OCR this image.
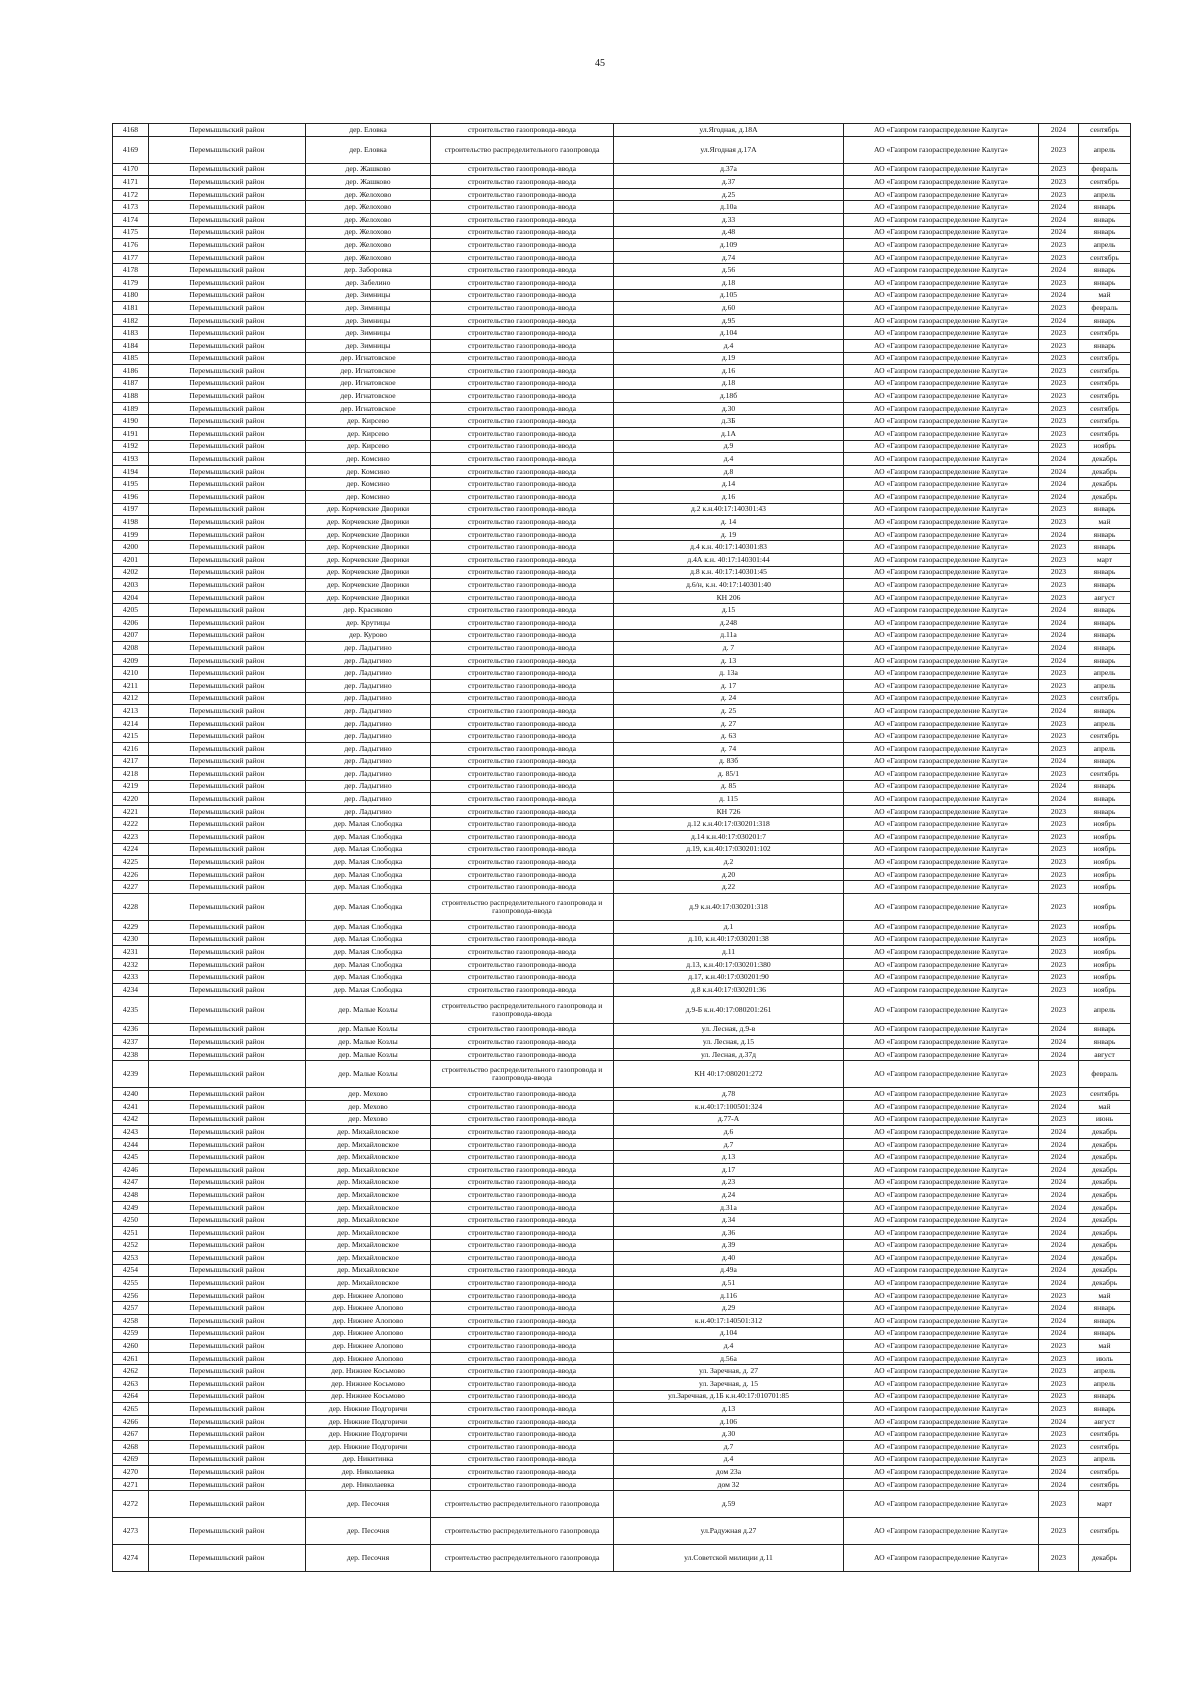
45
4168	Перемышльский район	дер. Еловка	строительство газопровода-ввода	ул.Ягодная, д.18А	АО «Газпром газораспределение Калуга»	2024	сентябрь
4169	Перемышльский район	дер. Еловка	строительство распределительного газопровода	ул.Ягодная д.17А	АО «Газпром газораспределение Калуга»	2023	апрель
4170	Перемышльский район	дер. Жашково	строительство газопровода-ввода	д.37а	АО «Газпром газораспределение Калуга»	2023	февраль
4171	Перемышльский район	дер. Жашково	строительство газопровода-ввода	д.37	АО «Газпром газораспределение Калуга»	2023	сентябрь
4172	Перемышльский район	дер. Желохово	строительство газопровода-ввода	д.25	АО «Газпром газораспределение Калуга»	2023	апрель
4173	Перемышльский район	дер. Желохово	строительство газопровода-ввода	д.10а	АО «Газпром газораспределение Калуга»	2024	январь
4174	Перемышльский район	дер. Желохово	строительство газопровода-ввода	д.33	АО «Газпром газораспределение Калуга»	2024	январь
4175	Перемышльский район	дер. Желохово	строительство газопровода-ввода	д.48	АО «Газпром газораспределение Калуга»	2024	январь
4176	Перемышльский район	дер. Желохово	строительство газопровода-ввода	д.109	АО «Газпром газораспределение Калуга»	2023	апрель
4177	Перемышльский район	дер. Желохово	строительство газопровода-ввода	д.74	АО «Газпром газораспределение Калуга»	2023	сентябрь
4178	Перемышльский район	дер. Заборовка	строительство газопровода-ввода	д.56	АО «Газпром газораспределение Калуга»	2024	январь
4179	Перемышльский район	дер. Забелино	строительство газопровода-ввода	д.18	АО «Газпром газораспределение Калуга»	2023	январь
4180	Перемышльский район	дер. Зимницы	строительство газопровода-ввода	д.105	АО «Газпром газораспределение Калуга»	2024	май
4181	Перемышльский район	дер. Зимницы	строительство газопровода-ввода	д.60	АО «Газпром газораспределение Калуга»	2023	февраль
4182	Перемышльский район	дер. Зимницы	строительство газопровода-ввода	д.95	АО «Газпром газораспределение Калуга»	2024	январь
4183	Перемышльский район	дер. Зимницы	строительство газопровода-ввода	д.104	АО «Газпром газораспределение Калуга»	2023	сентябрь
4184	Перемышльский район	дер. Зимницы	строительство газопровода-ввода	д.4	АО «Газпром газораспределение Калуга»	2023	январь
4185	Перемышльский район	дер. Игнатовское	строительство газопровода-ввода	д.19	АО «Газпром газораспределение Калуга»	2023	сентябрь
4186	Перемышльский район	дер. Игнатовское	строительство газопровода-ввода	д.16	АО «Газпром газораспределение Калуга»	2023	сентябрь
4187	Перемышльский район	дер. Игнатовское	строительство газопровода-ввода	д.18	АО «Газпром газораспределение Калуга»	2023	сентябрь
4188	Перемышльский район	дер. Игнатовское	строительство газопровода-ввода	д.18б	АО «Газпром газораспределение Калуга»	2023	сентябрь
4189	Перемышльский район	дер. Игнатовское	строительство газопровода-ввода	д.30	АО «Газпром газораспределение Калуга»	2023	сентябрь
4190	Перемышльский район	дер. Кирсево	строительство газопровода-ввода	д.3Б	АО «Газпром газораспределение Калуга»	2023	сентябрь
4191	Перемышльский район	дер. Кирсево	строительство газопровода-ввода	д.1А	АО «Газпром газораспределение Калуга»	2023	сентябрь
4192	Перемышльский район	дер. Кирсево	строительство газопровода-ввода	д.9	АО «Газпром газораспределение Калуга»	2023	ноябрь
4193	Перемышльский район	дер. Комсино	строительство газопровода-ввода	д.4	АО «Газпром газораспределение Калуга»	2024	декабрь
4194	Перемышльский район	дер. Комсино	строительство газопровода-ввода	д.8	АО «Газпром газораспределение Калуга»	2024	декабрь
4195	Перемышльский район	дер. Комсино	строительство газопровода-ввода	д.14	АО «Газпром газораспределение Калуга»	2024	декабрь
4196	Перемышльский район	дер. Комсино	строительство газопровода-ввода	д.16	АО «Газпром газораспределение Калуга»	2024	декабрь
4197	Перемышльский район	дер. Корчевские Дворики	строительство газопровода-ввода	д.2 к.н.40:17:140301:43	АО «Газпром газораспределение Калуга»	2023	январь
4198	Перемышльский район	дер. Корчевские Дворики	строительство газопровода-ввода	д. 14	АО «Газпром газораспределение Калуга»	2023	май
4199	Перемышльский район	дер. Корчевские Дворики	строительство газопровода-ввода	д. 19	АО «Газпром газораспределение Калуга»	2024	январь
4200	Перемышльский район	дер. Корчевские Дворики	строительство газопровода-ввода	д.4 к.н. 40:17:140301:83	АО «Газпром газораспределение Калуга»	2023	январь
4201	Перемышльский район	дер. Корчевские Дворики	строительство газопровода-ввода	д.4А к.н. 40:17:140301:44	АО «Газпром газораспределение Калуга»	2023	март
4202	Перемышльский район	дер. Корчевские Дворики	строительство газопровода-ввода	д.8 к.н. 40:17:140301:45	АО «Газпром газораспределение Калуга»	2023	январь
4203	Перемышльский район	дер. Корчевские Дворики	строительство газопровода-ввода	д.6/н, к.н. 40:17:140301:40	АО «Газпром газораспределение Калуга»	2023	январь
4204	Перемышльский район	дер. Корчевские Дворики	строительство газопровода-ввода	КН 206	АО «Газпром газораспределение Калуга»	2023	август
4205	Перемышльский район	дер. Красиково	строительство газопровода-ввода	д.15	АО «Газпром газораспределение Калуга»	2024	январь
4206	Перемышльский район	дер. Крутицы	строительство газопровода-ввода	д.248	АО «Газпром газораспределение Калуга»	2024	январь
4207	Перемышльский район	дер. Курово	строительство газопровода-ввода	д.11а	АО «Газпром газораспределение Калуга»	2024	январь
4208	Перемышльский район	дер. Ладыгино	строительство газопровода-ввода	д. 7	АО «Газпром газораспределение Калуга»	2024	январь
4209	Перемышльский район	дер. Ладыгино	строительство газопровода-ввода	д. 13	АО «Газпром газораспределение Калуга»	2024	январь
4210	Перемышльский район	дер. Ладыгино	строительство газопровода-ввода	д. 13а	АО «Газпром газораспределение Калуга»	2023	апрель
4211	Перемышльский район	дер. Ладыгино	строительство газопровода-ввода	д. 17	АО «Газпром газораспределение Калуга»	2023	апрель
4212	Перемышльский район	дер. Ладыгино	строительство газопровода-ввода	д. 24	АО «Газпром газораспределение Калуга»	2023	сентябрь
4213	Перемышльский район	дер. Ладыгино	строительство газопровода-ввода	д. 25	АО «Газпром газораспределение Калуга»	2024	январь
4214	Перемышльский район	дер. Ладыгино	строительство газопровода-ввода	д. 27	АО «Газпром газораспределение Калуга»	2023	апрель
4215	Перемышльский район	дер. Ладыгино	строительство газопровода-ввода	д. 63	АО «Газпром газораспределение Калуга»	2023	сентябрь
4216	Перемышльский район	дер. Ладыгино	строительство газопровода-ввода	д. 74	АО «Газпром газораспределение Калуга»	2023	апрель
4217	Перемышльский район	дер. Ладыгино	строительство газопровода-ввода	д. 83б	АО «Газпром газораспределение Калуга»	2024	январь
4218	Перемышльский район	дер. Ладыгино	строительство газопровода-ввода	д. 85/1	АО «Газпром газораспределение Калуга»	2023	сентябрь
4219	Перемышльский район	дер. Ладыгино	строительство газопровода-ввода	д. 85	АО «Газпром газораспределение Калуга»	2024	январь
4220	Перемышльский район	дер. Ладыгино	строительство газопровода-ввода	д. 115	АО «Газпром газораспределение Калуга»	2024	январь
4221	Перемышльский район	дер. Ладыгино	строительство газопровода-ввода	КН 726	АО «Газпром газораспределение Калуга»	2023	январь
4222	Перемышльский район	дер. Малая Слободка	строительство газопровода-ввода	д.12 к.н.40:17:030201:318	АО «Газпром газораспределение Калуга»	2023	ноябрь
4223	Перемышльский район	дер. Малая Слободка	строительство газопровода-ввода	д.14 к.н.40:17:030201:7	АО «Газпром газораспределение Калуга»	2023	ноябрь
4224	Перемышльский район	дер. Малая Слободка	строительство газопровода-ввода	д.19, к.н.40:17:030201:102	АО «Газпром газораспределение Калуга»	2023	ноябрь
4225	Перемышльский район	дер. Малая Слободка	строительство газопровода-ввода	д.2	АО «Газпром газораспределение Калуга»	2023	ноябрь
4226	Перемышльский район	дер. Малая Слободка	строительство газопровода-ввода	д.20	АО «Газпром газораспределение Калуга»	2023	ноябрь
4227	Перемышльский район	дер. Малая Слободка	строительство газопровода-ввода	д.22	АО «Газпром газораспределение Калуга»	2023	ноябрь
4228	Перемышльский район	дер. Малая Слободка	строительство распределительного газопровода и газопровода-ввода	д.9 к.н.40:17:030201:318	АО «Газпром газораспределение Калуга»	2023	ноябрь
4229	Перемышльский район	дер. Малая Слободка	строительство газопровода-ввода	д.1	АО «Газпром газораспределение Калуга»	2023	ноябрь
4230	Перемышльский район	дер. Малая Слободка	строительство газопровода-ввода	д.10, к.н.40:17:030201:38	АО «Газпром газораспределение Калуга»	2023	ноябрь
4231	Перемышльский район	дер. Малая Слободка	строительство газопровода-ввода	д.11	АО «Газпром газораспределение Калуга»	2023	ноябрь
4232	Перемышльский район	дер. Малая Слободка	строительство газопровода-ввода	д.13, к.н.40:17:030201:380	АО «Газпром газораспределение Калуга»	2023	ноябрь
4233	Перемышльский район	дер. Малая Слободка	строительство газопровода-ввода	д.17, к.н.40:17:030201:90	АО «Газпром газораспределение Калуга»	2023	ноябрь
4234	Перемышльский район	дер. Малая Слободка	строительство газопровода-ввода	д.8 к.н.40:17:030201:36	АО «Газпром газораспределение Калуга»	2023	ноябрь
4235	Перемышльский район	дер. Малые Козлы	строительство распределительного газопровода и газопровода-ввода	д.9-Б к.н.40:17:080201:261	АО «Газпром газораспределение Калуга»	2023	апрель
4236	Перемышльский район	дер. Малые Козлы	строительство газопровода-ввода	ул. Лесная, д.9-в	АО «Газпром газораспределение Калуга»	2024	январь
4237	Перемышльский район	дер. Малые Козлы	строительство газопровода-ввода	ул. Лесная, д.15	АО «Газпром газораспределение Калуга»	2024	январь
4238	Перемышльский район	дер. Малые Козлы	строительство газопровода-ввода	ул. Лесная, д.37д	АО «Газпром газораспределение Калуга»	2024	август
4239	Перемышльский район	дер. Малые Козлы	строительство распределительного газопровода и газопровода-ввода	КН 40:17:080201:272	АО «Газпром газораспределение Калуга»	2023	февраль
4240	Перемышльский район	дер. Мехово	строительство газопровода-ввода	д.78	АО «Газпром газораспределение Калуга»	2023	сентябрь
4241	Перемышльский район	дер. Мехово	строительство газопровода-ввода	к.н.40:17:100501:324	АО «Газпром газораспределение Калуга»	2024	май
4242	Перемышльский район	дер. Мехово	строительство газопровода-ввода	д.77-А	АО «Газпром газораспределение Калуга»	2023	июнь
4243	Перемышльский район	дер. Михайловское	строительство газопровода-ввода	д.6	АО «Газпром газораспределение Калуга»	2024	декабрь
4244	Перемышльский район	дер. Михайловское	строительство газопровода-ввода	д.7	АО «Газпром газораспределение Калуга»	2024	декабрь
4245	Перемышльский район	дер. Михайловское	строительство газопровода-ввода	д.13	АО «Газпром газораспределение Калуга»	2024	декабрь
4246	Перемышльский район	дер. Михайловское	строительство газопровода-ввода	д.17	АО «Газпром газораспределение Калуга»	2024	декабрь
4247	Перемышльский район	дер. Михайловское	строительство газопровода-ввода	д.23	АО «Газпром газораспределение Калуга»	2024	декабрь
4248	Перемышльский район	дер. Михайловское	строительство газопровода-ввода	д.24	АО «Газпром газораспределение Калуга»	2024	декабрь
4249	Перемышльский район	дер. Михайловское	строительство газопровода-ввода	д.31а	АО «Газпром газораспределение Калуга»	2024	декабрь
4250	Перемышльский район	дер. Михайловское	строительство газопровода-ввода	д.34	АО «Газпром газораспределение Калуга»	2024	декабрь
4251	Перемышльский район	дер. Михайловское	строительство газопровода-ввода	д.36	АО «Газпром газораспределение Калуга»	2024	декабрь
4252	Перемышльский район	дер. Михайловское	строительство газопровода-ввода	д.39	АО «Газпром газораспределение Калуга»	2024	декабрь
4253	Перемышльский район	дер. Михайловское	строительство газопровода-ввода	д.40	АО «Газпром газораспределение Калуга»	2024	декабрь
4254	Перемышльский район	дер. Михайловское	строительство газопровода-ввода	д.49а	АО «Газпром газораспределение Калуга»	2024	декабрь
4255	Перемышльский район	дер. Михайловское	строительство газопровода-ввода	д.51	АО «Газпром газораспределение Калуга»	2024	декабрь
4256	Перемышльский район	дер. Нижнее Алопово	строительство газопровода-ввода	д.116	АО «Газпром газораспределение Калуга»	2023	май
4257	Перемышльский район	дер. Нижнее Алопово	строительство газопровода-ввода	д.29	АО «Газпром газораспределение Калуга»	2024	январь
4258	Перемышльский район	дер. Нижнее Алопово	строительство газопровода-ввода	к.н.40:17:140501:312	АО «Газпром газораспределение Калуга»	2024	январь
4259	Перемышльский район	дер. Нижнее Алопово	строительство газопровода-ввода	д.104	АО «Газпром газораспределение Калуга»	2024	январь
4260	Перемышльский район	дер. Нижнее Алопово	строительство газопровода-ввода	д.4	АО «Газпром газораспределение Калуга»	2023	май
4261	Перемышльский район	дер. Нижнее Алопово	строительство газопровода-ввода	д.56а	АО «Газпром газораспределение Калуга»	2023	июль
4262	Перемышльский район	дер. Нижнее Косьмово	строительство газопровода-ввода	ул. Заречная, д. 27	АО «Газпром газораспределение Калуга»	2023	апрель
4263	Перемышльский район	дер. Нижнее Косьмово	строительство газопровода-ввода	ул. Заречная, д. 15	АО «Газпром газораспределение Калуга»	2023	апрель
4264	Перемышльский район	дер. Нижнее Косьмово	строительство газопровода-ввода	ул.Заречная, д.1Б к.н.40:17:010701:85	АО «Газпром газораспределение Калуга»	2023	январь
4265	Перемышльский район	дер. Нижние Подгоричи	строительство газопровода-ввода	д.13	АО «Газпром газораспределение Калуга»	2023	январь
4266	Перемышльский район	дер. Нижние Подгоричи	строительство газопровода-ввода	д.106	АО «Газпром газораспределение Калуга»	2024	август
4267	Перемышльский район	дер. Нижние Подгоричи	строительство газопровода-ввода	д.30	АО «Газпром газораспределение Калуга»	2023	сентябрь
4268	Перемышльский район	дер. Нижние Подгоричи	строительство газопровода-ввода	д.7	АО «Газпром газораспределение Калуга»	2023	сентябрь
4269	Перемышльский район	дер. Никитинка	строительство газопровода-ввода	д.4	АО «Газпром газораспределение Калуга»	2023	апрель
4270	Перемышльский район	дер. Николаевка	строительство газопровода-ввода	дом 23а	АО «Газпром газораспределение Калуга»	2024	сентябрь
4271	Перемышльский район	дер. Николаевка	строительство газопровода-ввода	дом 32	АО «Газпром газораспределение Калуга»	2024	сентябрь
4272	Перемышльский район	дер. Песочня	строительство распределительного газопровода	д.59	АО «Газпром газораспределение Калуга»	2023	март
4273	Перемышльский район	дер. Песочня	строительство распределительного газопровода	ул.Радужная д.27	АО «Газпром газораспределение Калуга»	2023	сентябрь
4274	Перемышльский район	дер. Песочня	строительство распределительного газопровода	ул.Советской милиции д.11	АО «Газпром газораспределение Калуга»	2023	декабрь
